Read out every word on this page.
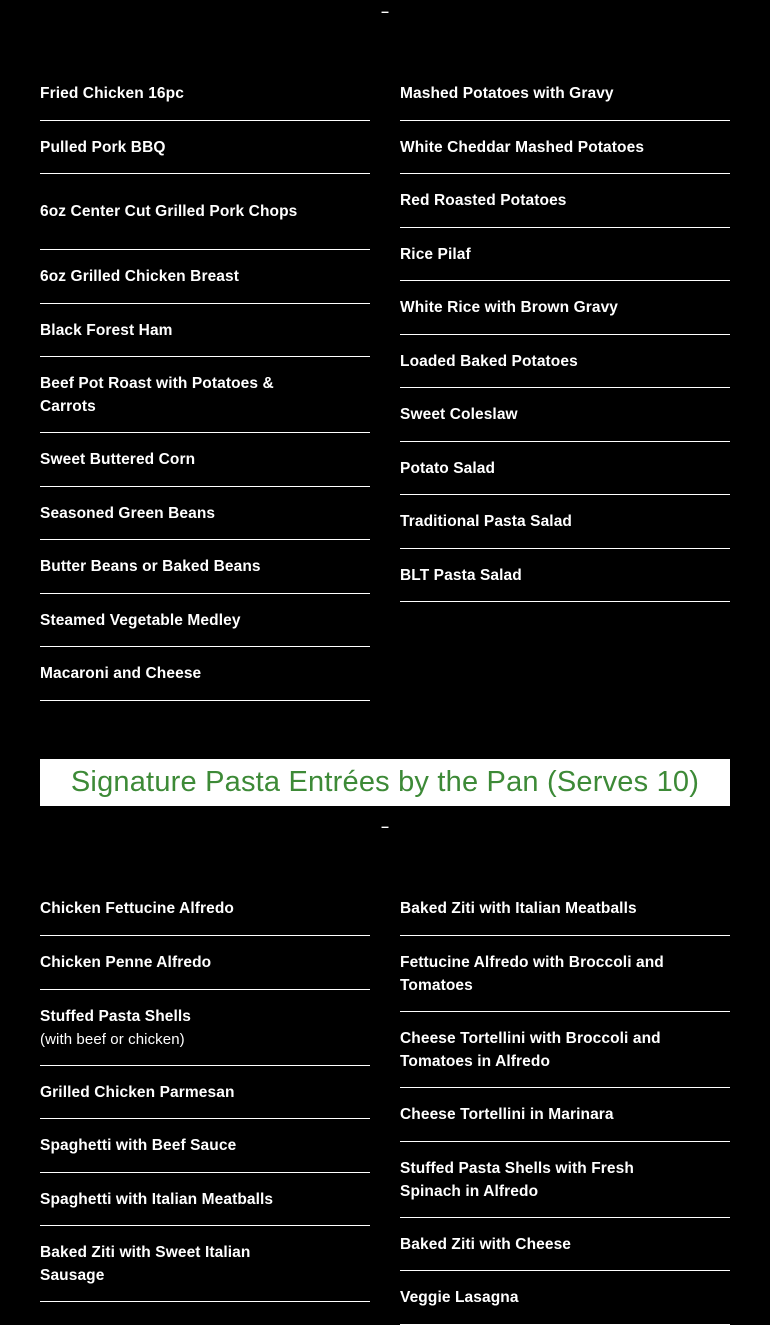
–
Fried Chicken 16pc
Pulled Pork BBQ
6oz Center Cut Grilled Pork Chops
6oz Grilled Chicken Breast
Black Forest Ham
Beef Pot Roast with Potatoes & Carrots
Sweet Buttered Corn
Seasoned Green Beans
Butter Beans or Baked Beans
Steamed Vegetable Medley
Macaroni and Cheese
Mashed Potatoes with Gravy
White Cheddar Mashed Potatoes
Red Roasted Potatoes
Rice Pilaf
White Rice with Brown Gravy
Loaded Baked Potatoes
Sweet Coleslaw
Potato Salad
Traditional Pasta Salad
BLT Pasta Salad
Signature Pasta Entrées by the Pan (Serves 10)
–
Chicken Fettucine Alfredo
Chicken Penne Alfredo
Stuffed Pasta Shells
(with beef or chicken)
Grilled Chicken Parmesan
Spaghetti with Beef Sauce
Spaghetti with Italian Meatballs
Baked Ziti with Sweet Italian Sausage
Baked Ziti with Italian Meatballs
Fettucine Alfredo with Broccoli and Tomatoes
Cheese Tortellini with Broccoli and Tomatoes in Alfredo
Cheese Tortellini in Marinara
Stuffed Pasta Shells with Fresh Spinach in Alfredo
Baked Ziti with Cheese
Veggie Lasagna
